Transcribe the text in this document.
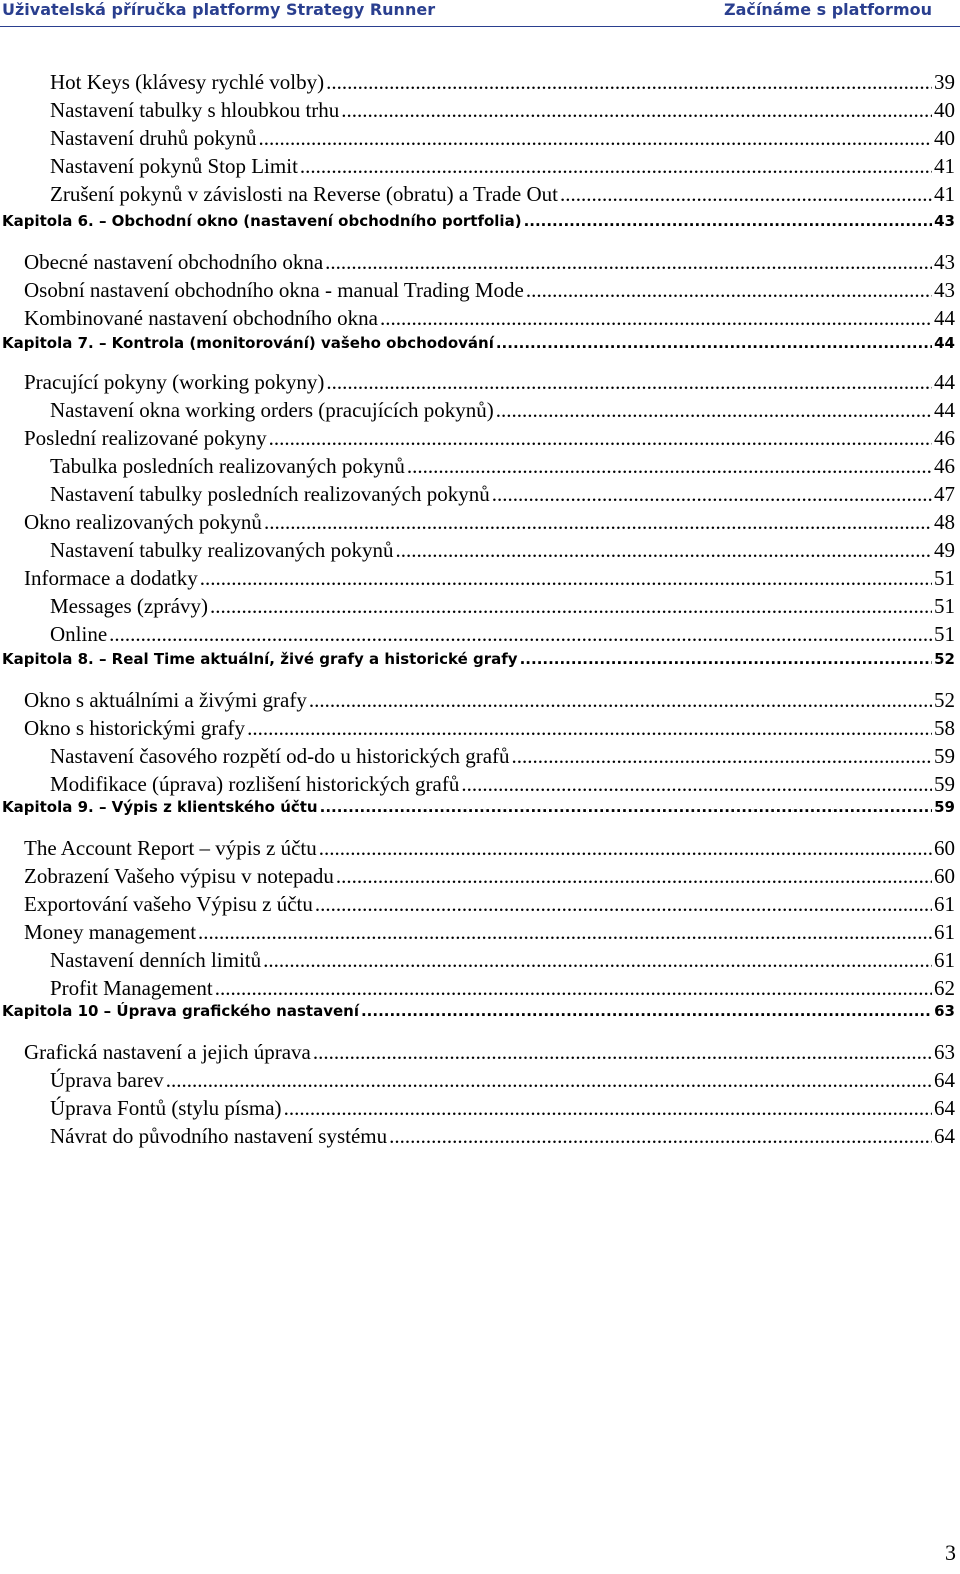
Uživatelská příručka platformy Strategy Runner	Začínáme s platformou
Hot Keys (klávesy rychlé volby) .....	39
Nastavení tabulky s hloubkou trhu .....	40
Nastavení druhů pokynů .....	40
Nastavení pokynů Stop Limit .....	41
Zrušení pokynů v závislosti na Reverse (obratu) a Trade Out .....	41
Kapitola 6. – Obchodní okno (nastavení obchodního portfolia) .....	43
Obecné nastavení obchodního okna .....	43
Osobní nastavení obchodního okna - manual Trading Mode .....	43
Kombinované nastavení obchodního okna .....	44
Kapitola 7. – Kontrola (monitorování) vašeho obchodování .....	44
Pracující pokyny (working pokyny) .....	44
Nastavení okna working orders (pracujících pokynů) .....	44
Poslední realizované pokyny .....	46
Tabulka posledních realizovaných pokynů .....	46
Nastavení tabulky posledních realizovaných pokynů .....	47
Okno realizovaných pokynů .....	48
Nastavení tabulky realizovaných pokynů .....	49
Informace a dodatky .....	51
Messages (zprávy) .....	51
Online .....	51
Kapitola 8. – Real Time aktuální, živé grafy a historické grafy .....	52
Okno s aktuálními a živými grafy .....	52
Okno s historickými grafy .....	58
Nastavení časového rozpětí od-do u historických grafů .....	59
Modifikace (úprava) rozlišení historických grafů .....	59
Kapitola 9. – Výpis z klientského účtu .....	59
The Account Report – výpis z účtu .....	60
Zobrazení Vašeho výpisu v notepadu .....	60
Exportování vašeho Výpisu z účtu .....	61
Money management .....	61
Nastavení denních limitů .....	61
Profit Management .....	62
Kapitola 10 – Úprava grafického nastavení .....	63
Grafická nastavení a jejich úprava .....	63
Úprava barev .....	64
Úprava Fontů (stylu písma) .....	64
Návrat do původního nastavení systému .....	64
3
